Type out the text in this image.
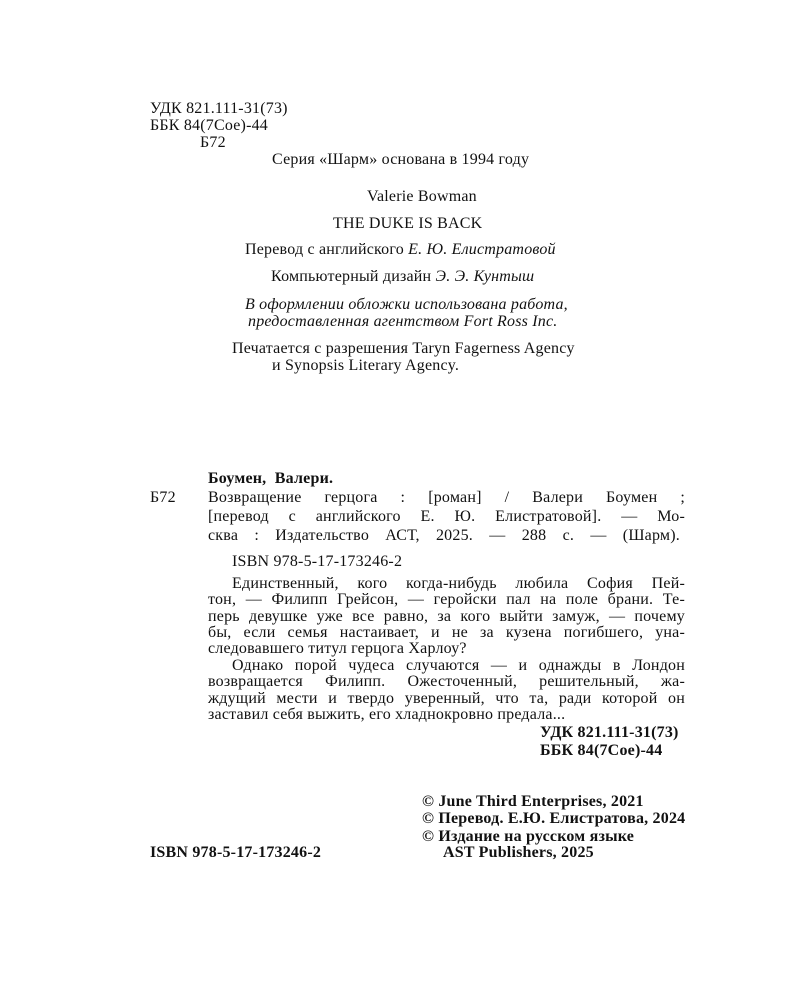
УДК 821.111-31(73)
ББК 84(7Сое)-44
Б72
Серия «Шарм» основана в 1994 году
Valerie Bowman
THE DUKE IS BACK
Перевод с английского Е. Ю. Елистратовой
Компьютерный дизайн Э. Э. Кунтыш
В оформлении обложки использована работа,
предоставленная агентством Fort Ross Inc.
Печатается с разрешения Taryn Fagerness Agency
и Synopsis Literary Agency.
Боумен,  Валери.
Б72 Возвращение герцога : [роман] / Валери Боумен ;
[перевод с английского Е. Ю. Елистратовой]. — Мо-
сква : Издательство АСТ, 2025. — 288 с. — (Шарм).
ISBN 978-5-17-173246-2
Единственный, кого когда-нибудь любила София Пей-
тон, — Филипп Грейсон, — геройски пал на поле брани. Те-
перь девушке уже все равно, за кого выйти замуж, — почему
бы, если семья настаивает, и не за кузена погибшего, уна-
следовавшего титул герцога Харлоу?
Однако порой чудеса случаются — и однажды в Лондон
возвращается Филипп. Ожесточенный, решительный, жа-
ждущий мести и твердо уверенный, что та, ради которой он
заставил себя выжить, его хладнокровно предала...
УДК 821.111-31(73)
ББК 84(7Сое)-44
© June Third Enterprises, 2021
© Перевод. Е.Ю. Елистратова, 2024
© Издание на русском языке
AST Publishers, 2025
ISBN 978-5-17-173246-2
